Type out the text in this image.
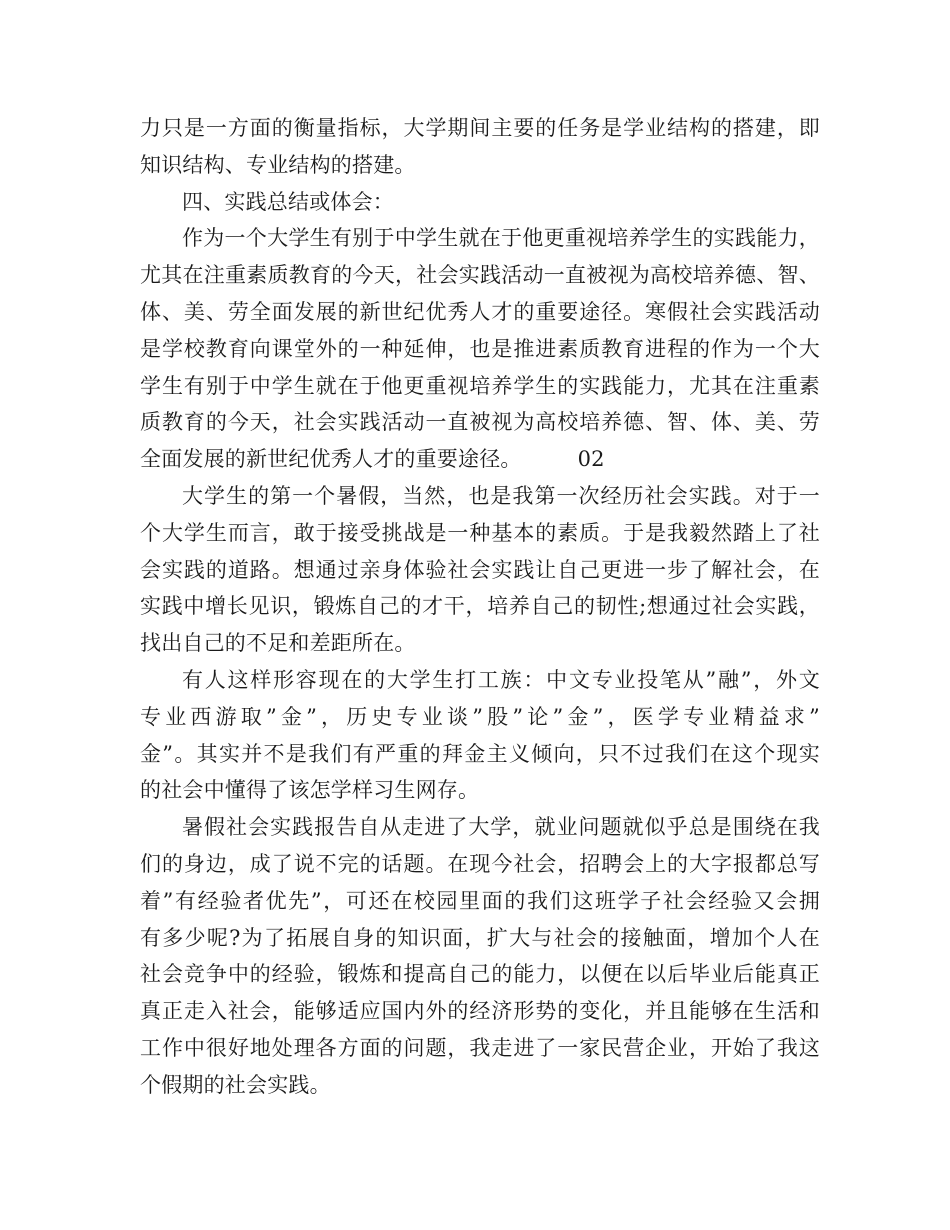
力只是一方面的衡量指标，大学期间主要的任务是学业结构的搭建，即
知识结构、专业结构的搭建。
四、实践总结或体会：
作为一个大学生有别于中学生就在于他更重视培养学生的实践能力，
尤其在注重素质教育的今天，社会实践活动一直被视为高校培养德、智、
体、美、劳全面发展的新世纪优秀人才的重要途径。寒假社会实践活动
是学校教育向课堂外的一种延伸，也是推进素质教育进程的作为一个大
学生有别于中学生就在于他更重视培养学生的实践能力，尤其在注重素
质教育的今天，社会实践活动一直被视为高校培养德、智、体、美、劳
全面发展的新世纪优秀人才的重要途径。	02
大学生的第一个暑假，当然，也是我第一次经历社会实践。对于一
个大学生而言，敢于接受挑战是一种基本的素质。于是我毅然踏上了社
会实践的道路。想通过亲身体验社会实践让自己更进一步了解社会，在
实践中增长见识，锻炼自己的才干，培养自己的韧性;想通过社会实践，
找出自己的不足和差距所在。
有人这样形容现在的大学生打工族：中文专业投笔从”融”，外文
专业西游取”金”，历史专业谈”股”论”金”，医学专业精益求”
金”。其实并不是我们有严重的拜金主义倾向，只不过我们在这个现实
的社会中懂得了该怎学样习生网存。
暑假社会实践报告自从走进了大学，就业问题就似乎总是围绕在我
们的身边，成了说不完的话题。在现今社会，招聘会上的大字报都总写
着”有经验者优先”，可还在校园里面的我们这班学子社会经验又会拥
有多少呢?为了拓展自身的知识面，扩大与社会的接触面，增加个人在
社会竞争中的经验，锻炼和提高自己的能力，以便在以后毕业后能真正
真正走入社会，能够适应国内外的经济形势的变化，并且能够在生活和
工作中很好地处理各方面的问题，我走进了一家民营企业，开始了我这
个假期的社会实践。
